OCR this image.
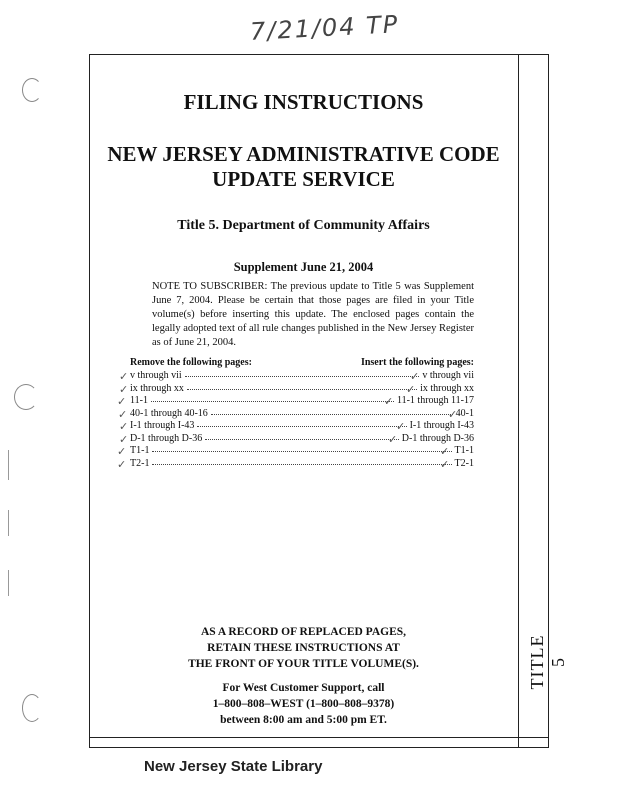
7/21/04 TP
TITLE 5
FILING INSTRUCTIONS
NEW JERSEY ADMINISTRATIVE CODE
UPDATE SERVICE
Title 5. Department of Community Affairs
Supplement June 21, 2004
NOTE TO SUBSCRIBER: The previous update to Title 5 was Supplement June 7, 2004. Please be certain that those pages are filed in your Title volume(s) before inserting this update. The enclosed pages contain the legally adopted text of all rule changes published in the New Jersey Register as of June 21, 2004.
Remove the following pages:	Insert the following pages:
v through vii	v through vii
ix through xx	ix through xx
11-1	11-1 through 11-17
40-1 through 40-16	40-1
I-1 through I-43	I-1 through I-43
D-1 through D-36	D-1 through D-36
T1-1	T1-1
T2-1	T2-1
✓
✓
✓
✓
✓
✓
✓
✓
✓
✓
✓
✓
✓
✓
✓
✓
AS A RECORD OF REPLACED PAGES,
RETAIN THESE INSTRUCTIONS AT
THE FRONT OF YOUR TITLE VOLUME(S).
For West Customer Support, call
1–800–808–WEST (1–800–808–9378)
between 8:00 am and 5:00 pm ET.
New Jersey State Library
